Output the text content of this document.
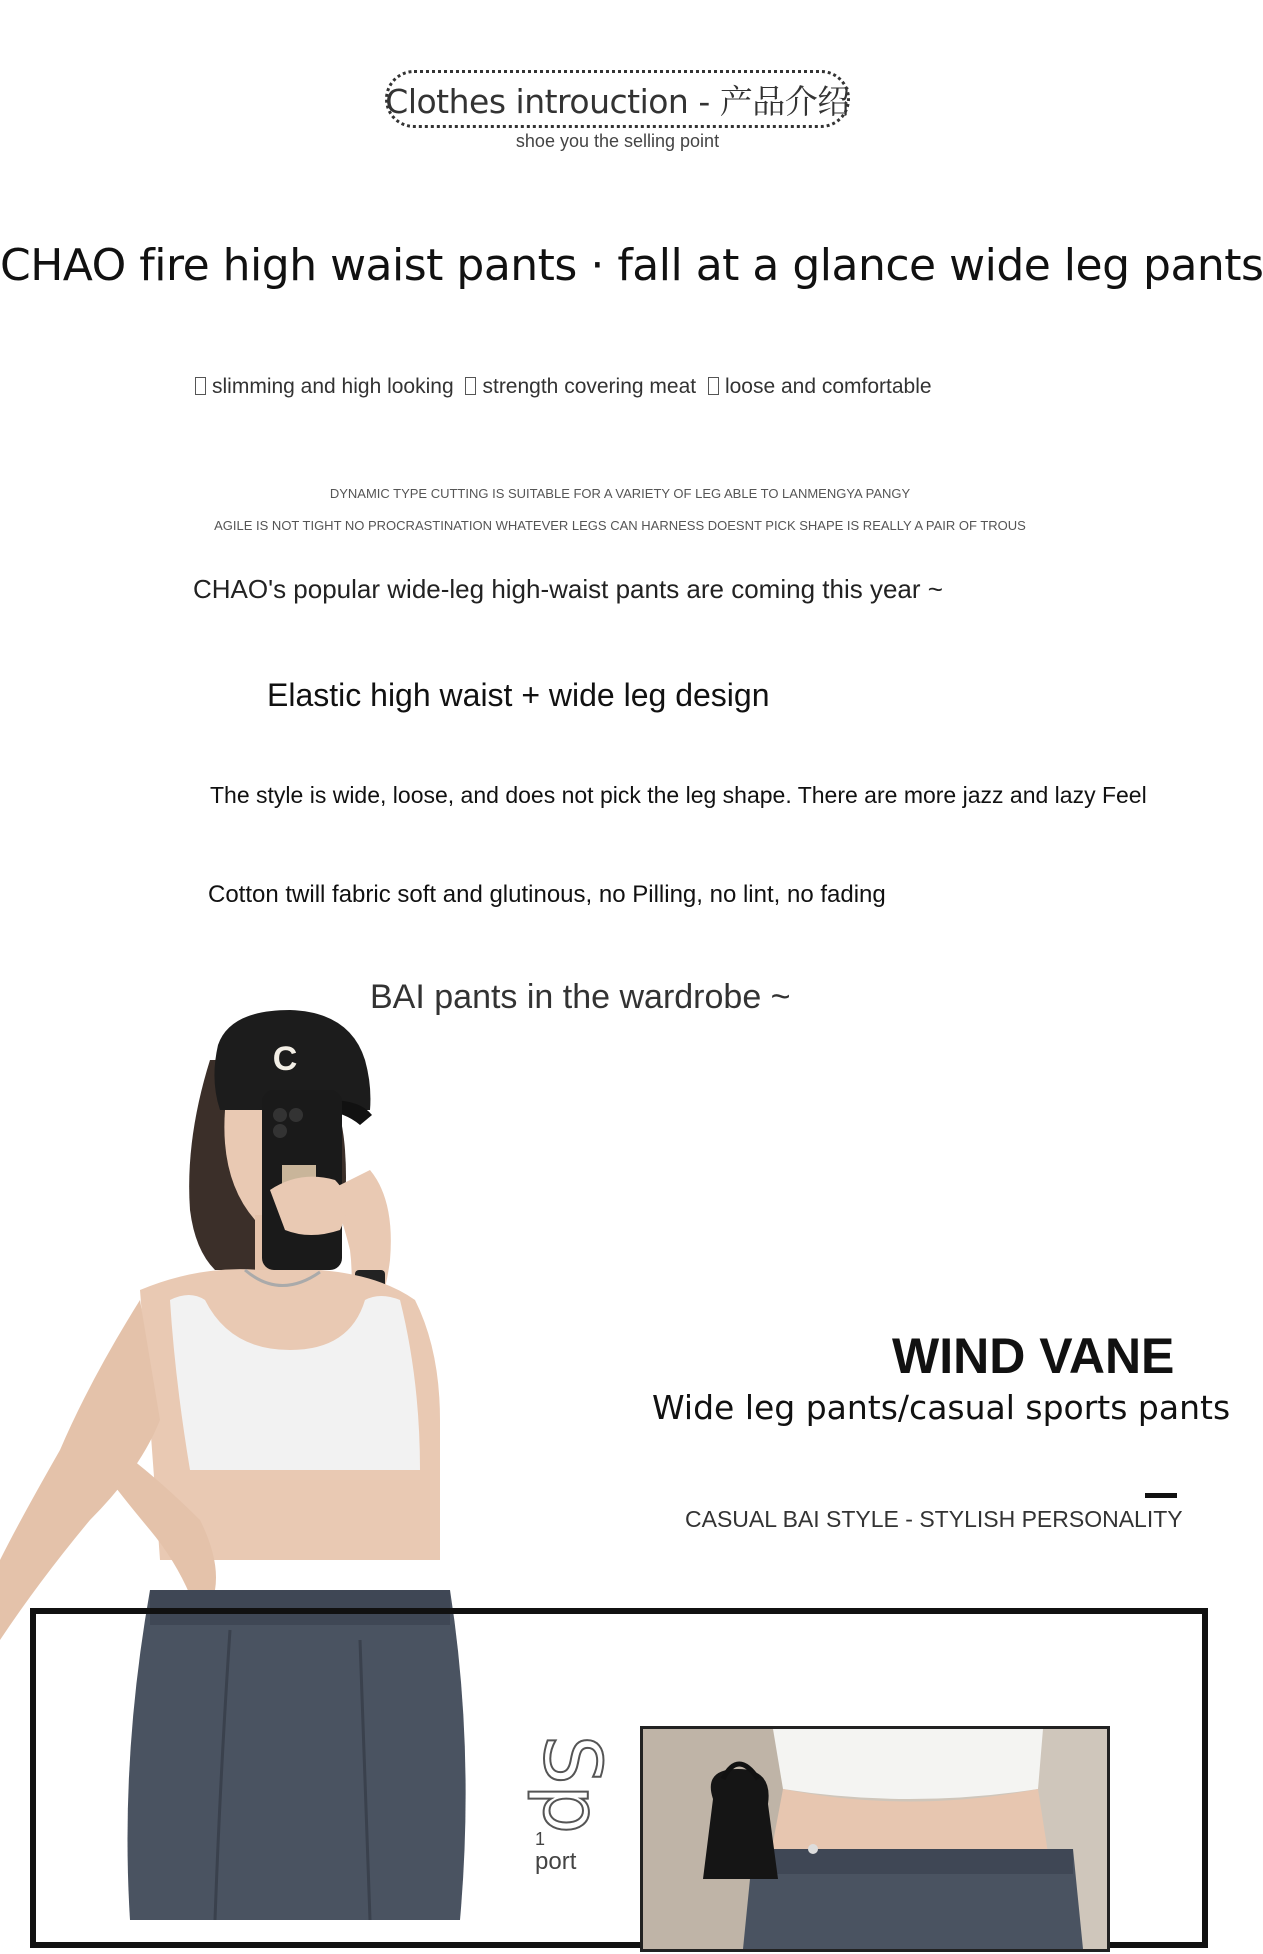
Clothes introuction - 产品介绍
shoe you the selling point
CHAO fire high waist pants · fall at a glance wide leg pants
slimming and high looking strength covering meat loose and comfortable
DYNAMIC TYPE CUTTING IS SUITABLE FOR A VARIETY OF LEG ABLE TO LANMENGYA PANGY
AGILE IS NOT TIGHT NO PROCRASTINATION WHATEVER LEGS CAN HARNESS DOESNT PICK SHAPE IS REALLY A PAIR OF TROUS
CHAO's popular wide-leg high-waist pants are coming this year ~
Elastic high waist + wide leg design
The style is wide, loose, and does not pick the leg shape. There are more jazz and lazy Feel
Cotton twill fabric soft and glutinous, no Pilling, no lint, no fading
BAI pants in the wardrobe ~
C
WIND VANE
Wide leg pants/casual sports pants
CASUAL BAI STYLE - STYLISH PERSONALITY
Sp
1
port
